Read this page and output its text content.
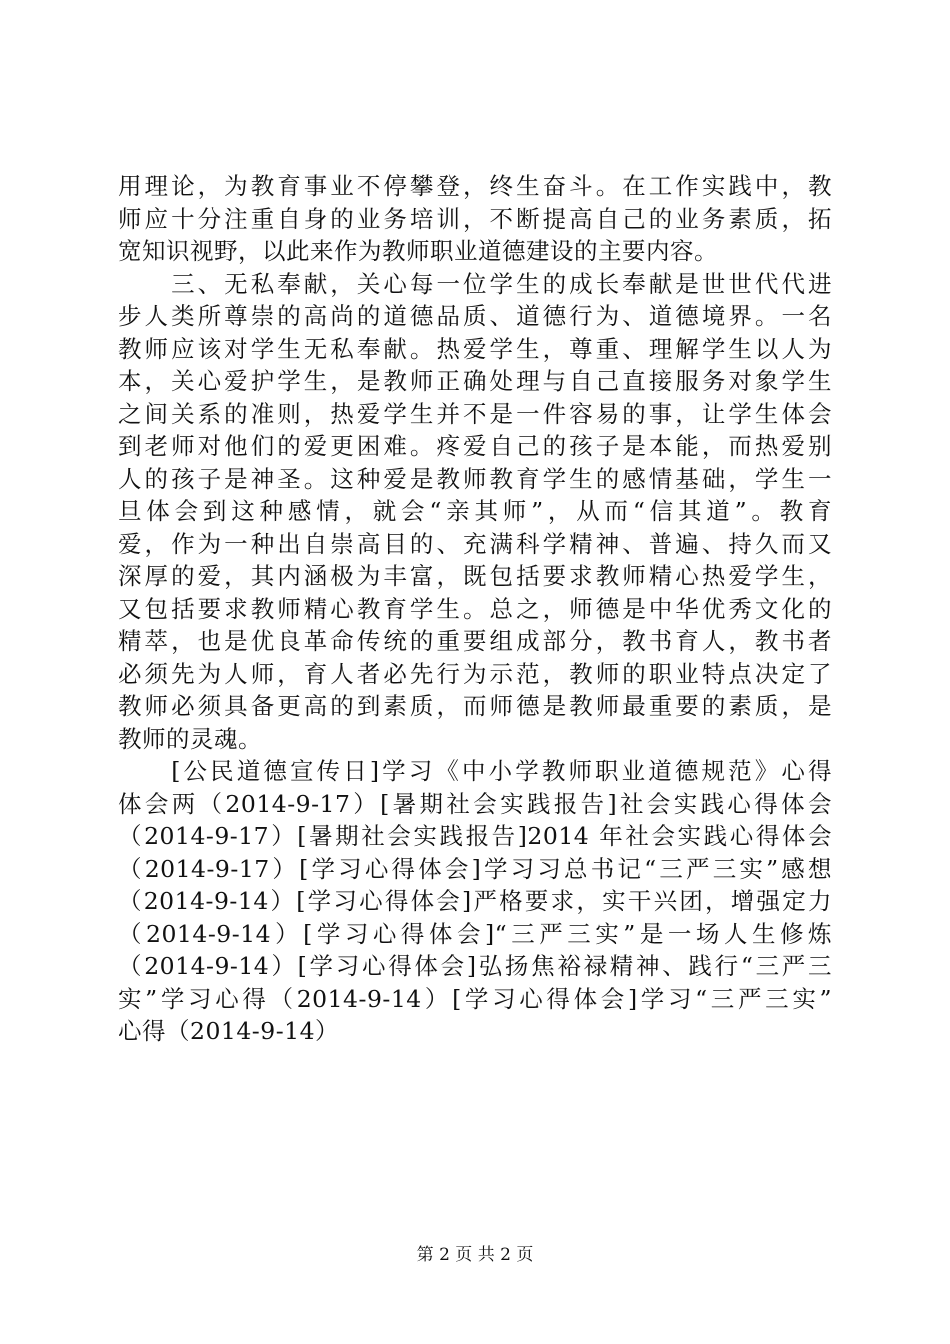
用理论，为教育事业不停攀登，终生奋斗。在工作实践中，教
师应十分注重自身的业务培训，不断提高自己的业务素质，拓
宽知识视野，以此来作为教师职业道德建设的主要内容。
　　三、无私奉献，关心每一位学生的成长奉献是世世代代进
步人类所尊崇的高尚的道德品质、道德行为、道德境界。一名
教师应该对学生无私奉献。热爱学生，尊重、理解学生以人为
本，关心爱护学生，是教师正确处理与自己直接服务对象学生
之间关系的准则，热爱学生并不是一件容易的事，让学生体会
到老师对他们的爱更困难。疼爱自己的孩子是本能，而热爱别
人的孩子是神圣。这种爱是教师教育学生的感情基础，学生一
旦体会到这种感情，就会“亲其师”，从而“信其道”。教育
爱，作为一种出自崇高目的、充满科学精神、普遍、持久而又
深厚的爱，其内涵极为丰富，既包括要求教师精心热爱学生，
又包括要求教师精心教育学生。总之，师德是中华优秀文化的
精萃，也是优良革命传统的重要组成部分，教书育人，教书者
必须先为人师，育人者必先行为示范，教师的职业特点决定了
教师必须具备更高的到素质，而师德是教师最重要的素质，是
教师的灵魂。
　　[公民道德宣传日]学习《中小学教师职业道德规范》心得
体会两（2014-9-17）[暑期社会实践报告]社会实践心得体会
（2014-9-17）[暑期社会实践报告]2014 年社会实践心得体会
（2014-9-17）[学习心得体会]学习习总书记“三严三实”感想
（2014-9-14）[学习心得体会]严格要求，实干兴团，增强定力
（2014-9-14）[学习心得体会]“三严三实”是一场人生修炼
（2014-9-14）[学习心得体会]弘扬焦裕禄精神、践行“三严三
实”学习心得（2014-9-14）[学习心得体会]学习“三严三实”
心得（2014-9-14）
第 2 页 共 2 页
